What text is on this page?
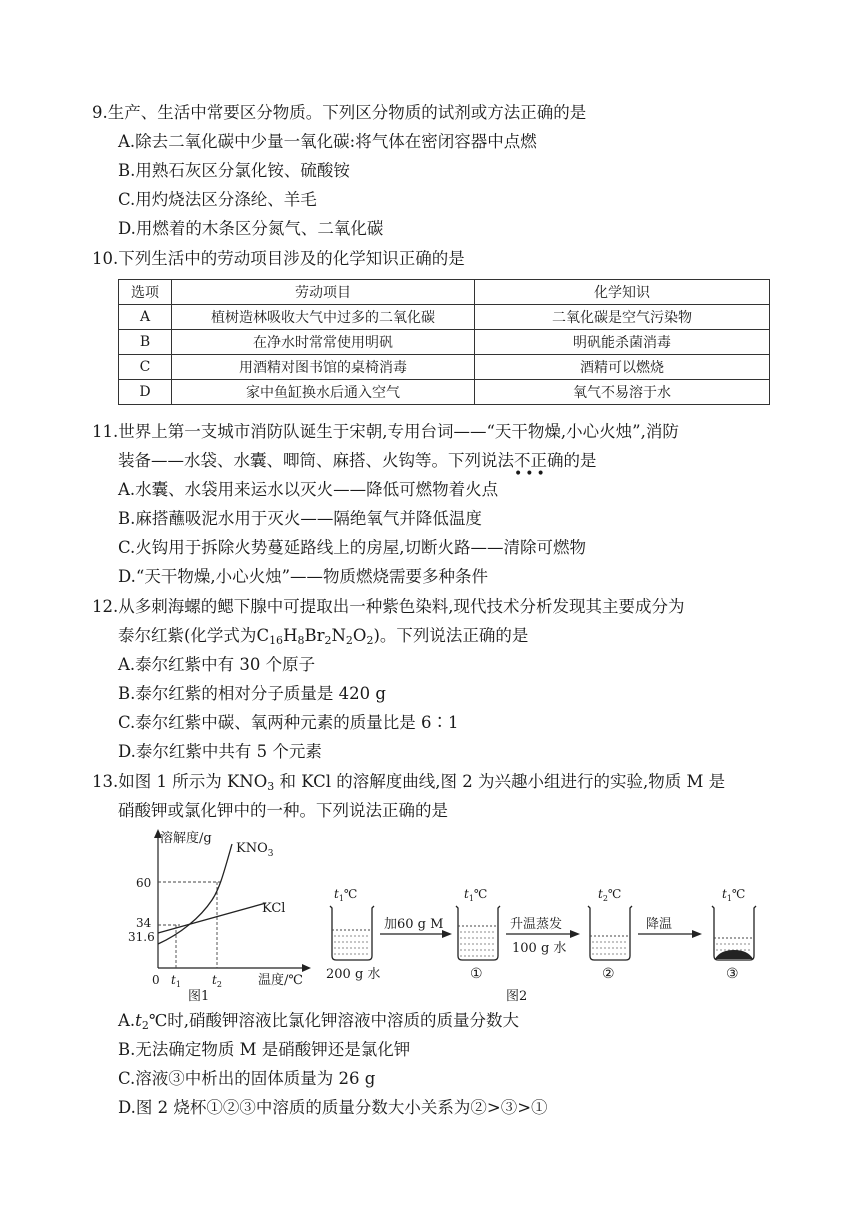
9.生产、生活中常要区分物质。下列区分物质的试剂或方法正确的是
A.除去二氧化碳中少量一氧化碳:将气体在密闭容器中点燃
B.用熟石灰区分氯化铵、硫酸铵
C.用灼烧法区分涤纶、羊毛
D.用燃着的木条区分氮气、二氧化碳
10.下列生活中的劳动项目涉及的化学知识正确的是
选项	劳动项目	化学知识
A	植树造林吸收大气中过多的二氧化碳	二氧化碳是空气污染物
B	在净水时常常使用明矾	明矾能杀菌消毒
C	用酒精对图书馆的桌椅消毒	酒精可以燃烧
D	家中鱼缸换水后通入空气	氧气不易溶于水
11.世界上第一支城市消防队诞生于宋朝,专用台词——“天干物燥,小心火烛”,消防
装备——水袋、水囊、唧筒、麻搭、火钩等。下列说法不正确
•••
的是
A.水囊、水袋用来运水以灭火——降低可燃物着火点
B.麻搭蘸吸泥水用于灭火——隔绝氧气并降低温度
C.火钩用于拆除火势蔓延路线上的房屋,切断火路——清除可燃物
D.“天干物燥,小心火烛”——物质燃烧需要多种条件
12.从多刺海螺的鳃下腺中可提取出一种紫色染料,现代技术分析发现其主要成分为
泰尔红紫(化学式为$C_{16}H_8Br_2N_2O_2$)。下列说法正确的是
A.泰尔红紫中有 30 个原子
B.泰尔红紫的相对分子质量是 420 g
C.泰尔红紫中碳、氧两种元素的质量比是 6∶1
D.泰尔红紫中共有 5 个元素
13.如图 1 所示为 $KNO_3$ 和 KCl 的溶解度曲线,图 2 为兴趣小组进行的实验,物质 M 是
硝酸钾或氯化钾中的一种。下列说法正确的是
溶解度/g
$KNO_3$
KCl
60
34
31.6
0 $t_1$	$t_2$	温度/℃
图1
$t_1℃$
200 g 水
加60 g M
$t_1℃$
①
升温蒸发
100 g 水
$t_2℃$
②
降温
$t_1℃$
③
图2
$A.t_2℃$时,硝酸钾溶液比氯化钾溶液中溶质的质量分数大
B.无法确定物质 M 是硝酸钾还是氯化钾
C.溶液③中析出的固体质量为 26 g
D.图 2 烧杯①②③中溶质的质量分数大小关系为②>③>①
